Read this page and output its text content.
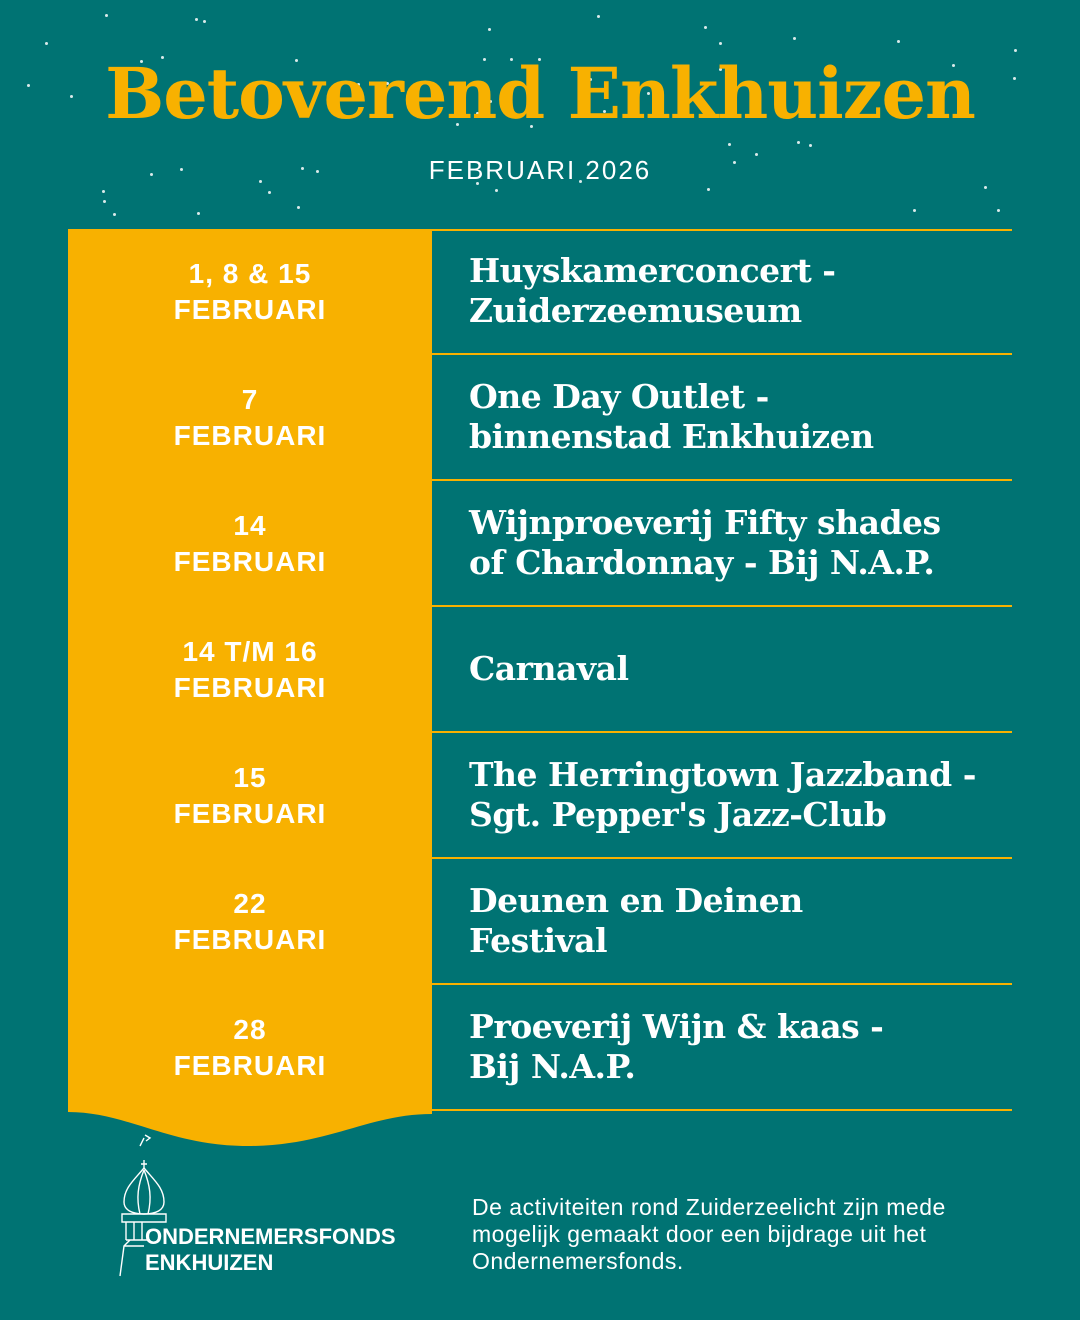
Betoverend Enkhuizen
FEBRUARI 2026
1, 8 & 15
FEBRUARI
Huyskamerconcert -
Zuiderzeemuseum
7
FEBRUARI
One Day Outlet -
binnenstad Enkhuizen
14
FEBRUARI
Wijnproeverij Fifty shades
of Chardonnay - Bij N.A.P.
14 T/M 16
FEBRUARI	Carnaval
15
FEBRUARI
The Herringtown Jazzband -
Sgt. Pepper's Jazz-Club
22
FEBRUARI
Deunen en Deinen
Festival
28
FEBRUARI
Proeverij Wijn & kaas -
Bij N.A.P.
ONDERNEMERSFONDS
ENKHUIZEN
De activiteiten rond Zuiderzeelicht zijn mede mogelijk gemaakt door een bijdrage uit het Ondernemersfonds.
